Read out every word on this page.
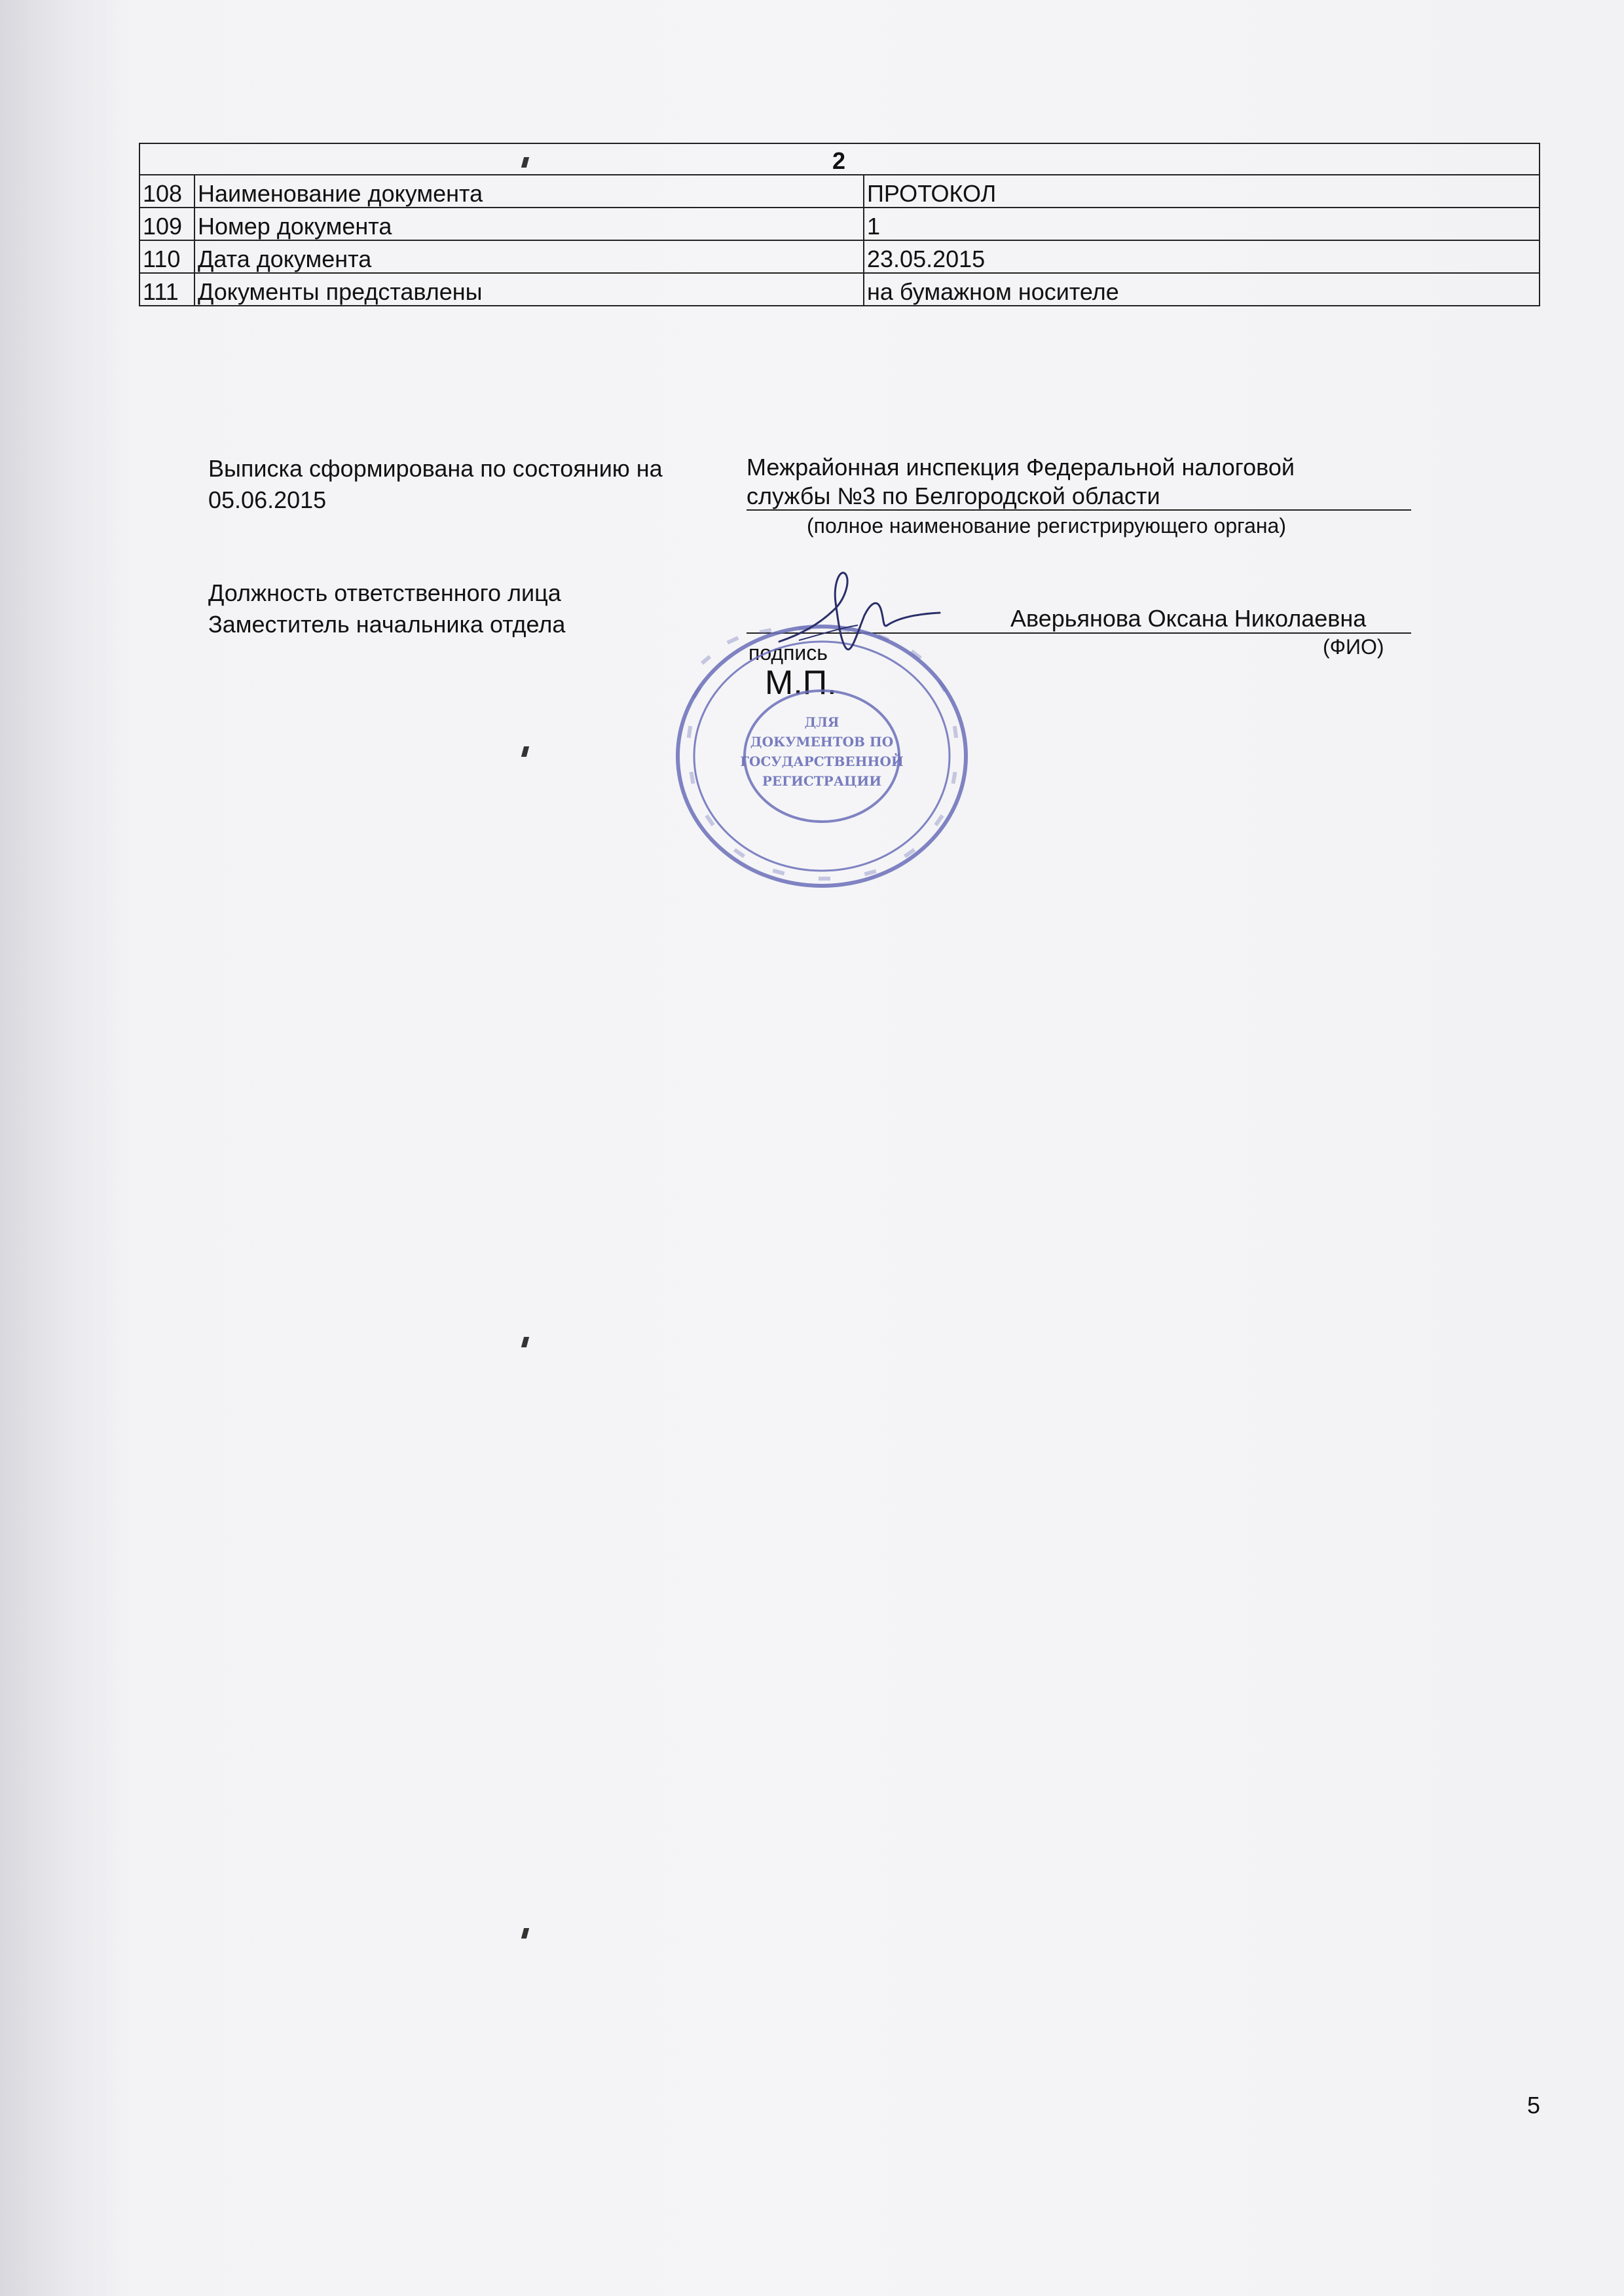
2		
108	Наименование документа	ПРОТОКОЛ
109	Номер документа	1
110	Дата документа	23.05.2015
111	Документы представлены	на бумажном носителе
Выписка сформирована по состоянию на
05.06.2015
Межрайонная инспекция Федеральной налоговой
службы №3 по Белгородской области
(полное наименование регистрирующего органа)
Должность ответственного лица
Заместитель начальника отдела	Аверьянова Оксана Николаевна
подпись	(ФИО)
М.П.
ДЛЯ
ДОКУМЕНТОВ ПО
ГОСУДАРСТВЕННОЙ
РЕГИСТРАЦИИ
5
